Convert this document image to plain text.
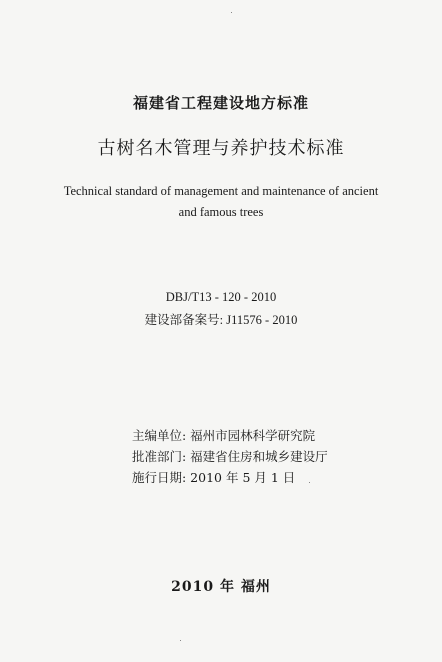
福建省工程建设地方标准
古树名木管理与养护技术标准
Technical standard of management and maintenance of ancient
and famous trees
DBJ/T13 - 120 - 2010
建设部备案号: J11576 - 2010
主编单位: 福州市园林科学研究院
批准部门: 福建省住房和城乡建设厅
施行日期: 2010 年 5 月 1 日
2010 年 福州
